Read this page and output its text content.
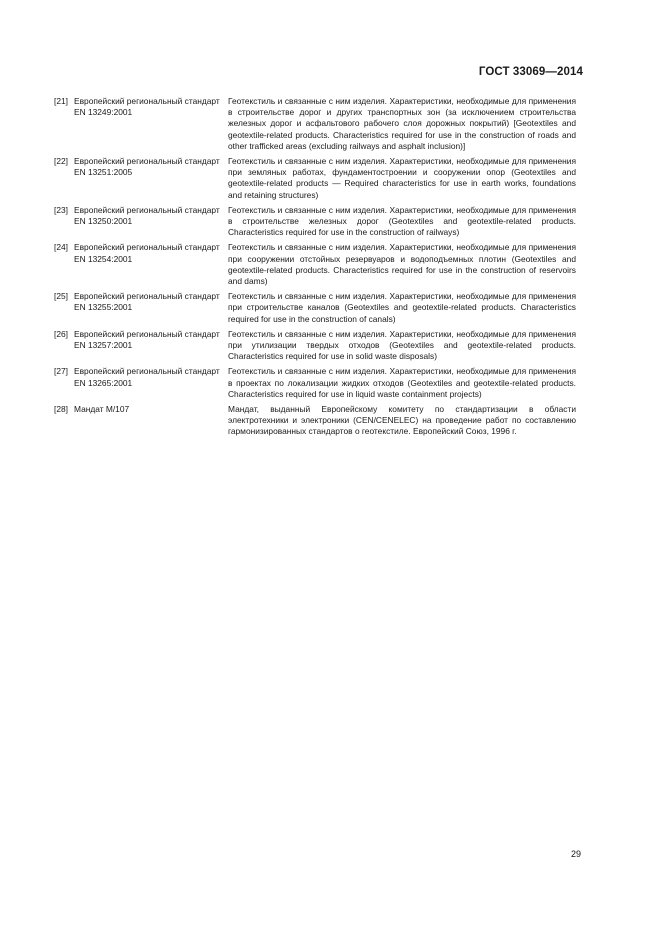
ГОСТ 33069—2014
[21] Европейский региональный стандарт EN 13249:2001
Геотекстиль и связанные с ним изделия. Характеристики, необходимые для применения в строительстве дорог и других транспортных зон (за исключением строительства железных дорог и асфальтового рабочего слоя дорожных покрытий) [Geotextiles and geotextile-related products. Characteristics required for use in the construction of roads and other trafficked areas (excluding railways and asphalt inclusion)]
[22] Европейский региональный стандарт EN 13251:2005
Геотекстиль и связанные с ним изделия. Характеристики, необходимые для применения при земляных работах, фундаментостроении и сооружении опор (Geotextiles and geotextile-related products — Required characteristics for use in earth works, foundations and retaining structures)
[23] Европейский региональный стандарт EN 13250:2001
Геотекстиль и связанные с ним изделия. Характеристики, необходимые для применения в строительстве железных дорог (Geotextiles and geotextile-related products. Characteristics required for use in the construction of railways)
[24] Европейский региональный стандарт EN 13254:2001
Геотекстиль и связанные с ним изделия. Характеристики, необходимые для применения при сооружении отстойных резервуаров и водоподъемных плотин (Geotextiles and geotextile-related products. Characteristics required for use in the construction of reservoirs and dams)
[25] Европейский региональный стандарт EN 13255:2001
Геотекстиль и связанные с ним изделия. Характеристики, необходимые для применения при строительстве каналов (Geotextiles and geotextile-related products. Characteristics required for use in the construction of canals)
[26] Европейский региональный стандарт EN 13257:2001
Геотекстиль и связанные с ним изделия. Характеристики, необходимые для применения при утилизации твердых отходов (Geotextiles and geotextile-related products. Characteristics required for use in solid waste disposals)
[27] Европейский региональный стандарт EN 13265:2001
Геотекстиль и связанные с ним изделия. Характеристики, необходимые для применения в проектах по локализации жидких отходов (Geotextiles and geotextile-related products. Characteristics required for use in liquid waste containment projects)
[28] Мандат М/107	Мандат, выданный Европейскому комитету по стандартизации в области электротехники и электроники (CEN/CENELEC) на проведение работ по составлению гармонизированных стандартов о геотекстиле. Европейский Союз, 1996 г.
29
